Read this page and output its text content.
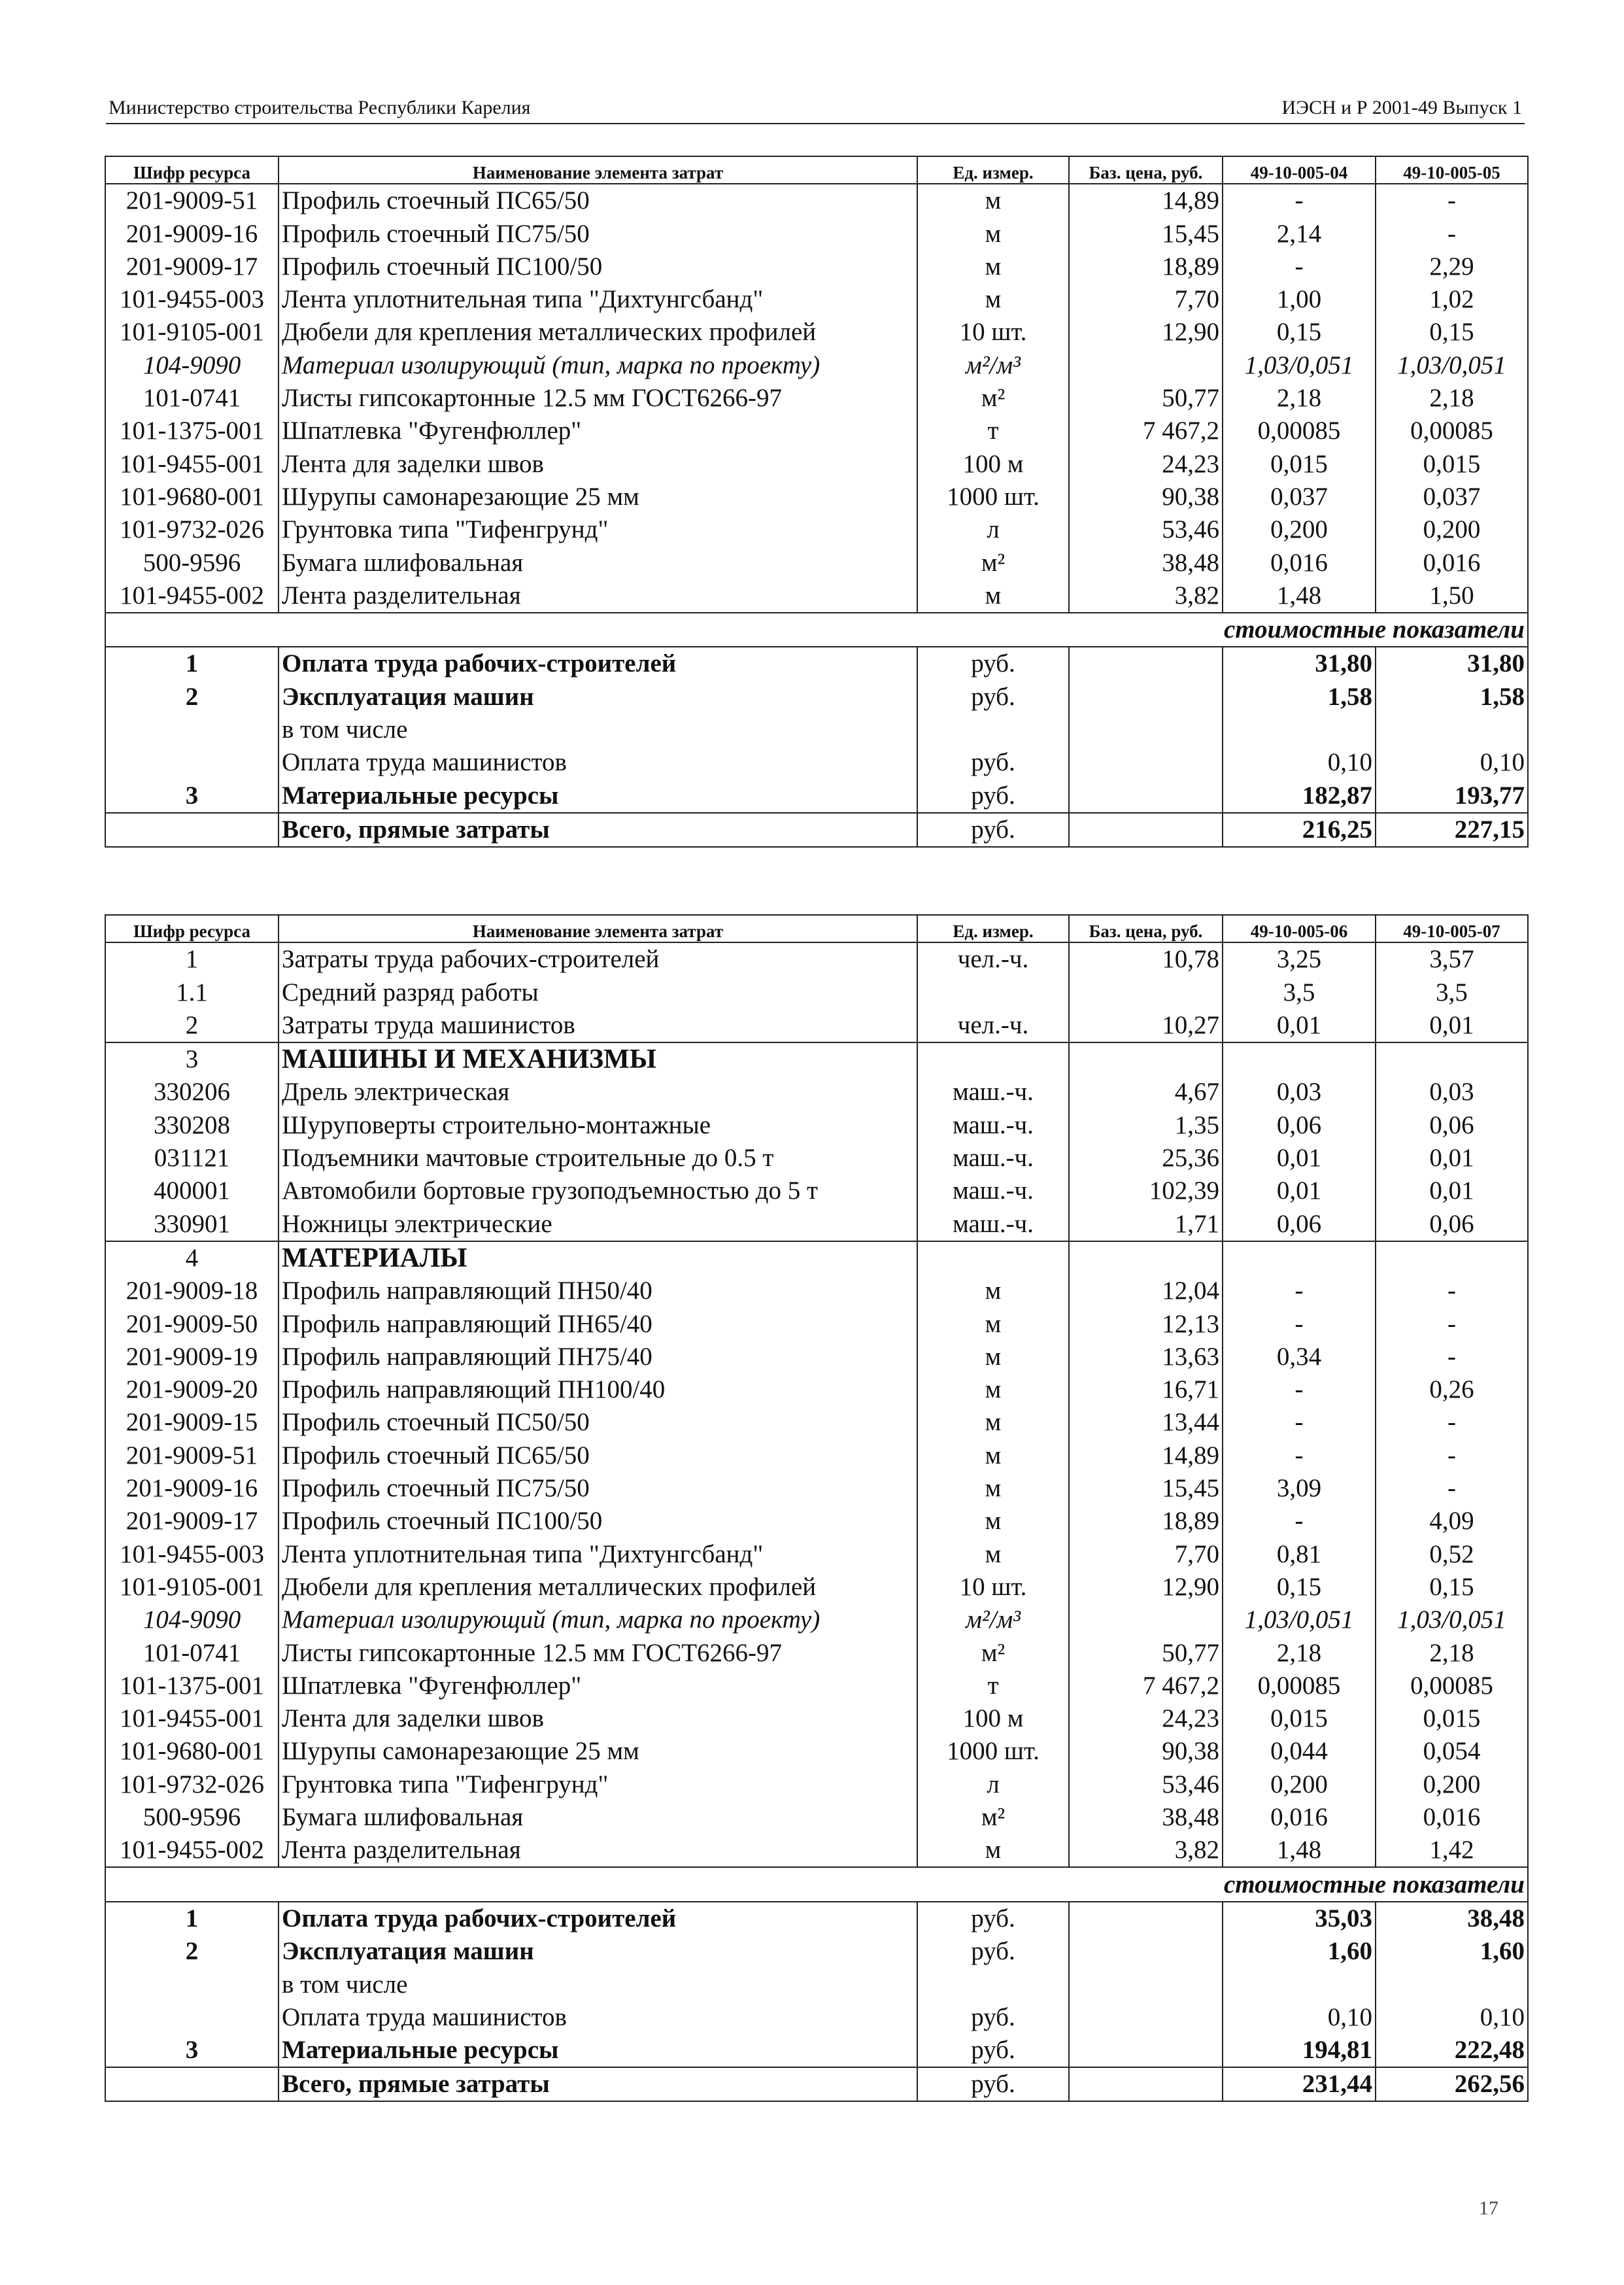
Министерство строительства Республики Карелия	ИЭСН и Р 2001-49 Выпуск 1
Шифр ресурса	Наименование элемента затрат	Ед. измер.	Баз. цена, руб.	49-10-005-04	49-10-005-05
201-9009-51	Профиль стоечный ПС65/50	м	14,89	-	-
201-9009-16	Профиль стоечный ПС75/50	м	15,45	2,14	-
201-9009-17	Профиль стоечный ПС100/50	м	18,89	-	2,29
101-9455-003	Лента уплотнительная типа "Дихтунгсбанд"	м	7,70	1,00	1,02
101-9105-001	Дюбели для крепления металлических профилей	10 шт.	12,90	0,15	0,15
104-9090	Материал изолирующий (тип, марка по проекту)	м²/м³		1,03/0,051	1,03/0,051
101-0741	Листы гипсокартонные 12.5 мм ГОСТ6266-97	м²	50,77	2,18	2,18
101-1375-001	Шпатлевка "Фугенфюллер"	т	7 467,2	0,00085	0,00085
101-9455-001	Лента для заделки швов	100 м	24,23	0,015	0,015
101-9680-001	Шурупы самонарезающие 25 мм	1000 шт.	90,38	0,037	0,037
101-9732-026	Грунтовка типа "Тифенгрунд"	л	53,46	0,200	0,200
500-9596	Бумага шлифовальная	м²	38,48	0,016	0,016
101-9455-002	Лента разделительная	м	3,82	1,48	1,50
стоимостные показатели					
1	Оплата труда рабочих-строителей	руб.		31,80	31,80
2	Эксплуатация машин	руб.		1,58	1,58
	в том числе				
	Оплата труда машинистов	руб.		0,10	0,10
3	Материальные ресурсы	руб.		182,87	193,77
	Всего, прямые затраты	руб.		216,25	227,15
Шифр ресурса	Наименование элемента затрат	Ед. измер.	Баз. цена, руб.	49-10-005-06	49-10-005-07
1	Затраты труда рабочих-строителей	чел.-ч.	10,78	3,25	3,57
1.1	Средний разряд работы			3,5	3,5
2	Затраты труда машинистов	чел.-ч.	10,27	0,01	0,01
3	МАШИНЫ И МЕХАНИЗМЫ				
330206	Дрель электрическая	маш.-ч.	4,67	0,03	0,03
330208	Шуруповерты строительно-монтажные	маш.-ч.	1,35	0,06	0,06
031121	Подъемники мачтовые строительные до 0.5 т	маш.-ч.	25,36	0,01	0,01
400001	Автомобили бортовые грузоподъемностью до 5 т	маш.-ч.	102,39	0,01	0,01
330901	Ножницы электрические	маш.-ч.	1,71	0,06	0,06
4	МАТЕРИАЛЫ				
201-9009-18	Профиль направляющий ПН50/40	м	12,04	-	-
201-9009-50	Профиль направляющий ПН65/40	м	12,13	-	-
201-9009-19	Профиль направляющий ПН75/40	м	13,63	0,34	-
201-9009-20	Профиль направляющий ПН100/40	м	16,71	-	0,26
201-9009-15	Профиль стоечный ПС50/50	м	13,44	-	-
201-9009-51	Профиль стоечный ПС65/50	м	14,89	-	-
201-9009-16	Профиль стоечный ПС75/50	м	15,45	3,09	-
201-9009-17	Профиль стоечный ПС100/50	м	18,89	-	4,09
101-9455-003	Лента уплотнительная типа "Дихтунгсбанд"	м	7,70	0,81	0,52
101-9105-001	Дюбели для крепления металлических профилей	10 шт.	12,90	0,15	0,15
104-9090	Материал изолирующий (тип, марка по проекту)	м²/м³		1,03/0,051	1,03/0,051
101-0741	Листы гипсокартонные 12.5 мм ГОСТ6266-97	м²	50,77	2,18	2,18
101-1375-001	Шпатлевка "Фугенфюллер"	т	7 467,2	0,00085	0,00085
101-9455-001	Лента для заделки швов	100 м	24,23	0,015	0,015
101-9680-001	Шурупы самонарезающие 25 мм	1000 шт.	90,38	0,044	0,054
101-9732-026	Грунтовка типа "Тифенгрунд"	л	53,46	0,200	0,200
500-9596	Бумага шлифовальная	м²	38,48	0,016	0,016
101-9455-002	Лента разделительная	м	3,82	1,48	1,42
стоимостные показатели					
1	Оплата труда рабочих-строителей	руб.		35,03	38,48
2	Эксплуатация машин	руб.		1,60	1,60
	в том числе				
	Оплата труда машинистов	руб.		0,10	0,10
3	Материальные ресурсы	руб.		194,81	222,48
	Всего, прямые затраты	руб.		231,44	262,56
17
